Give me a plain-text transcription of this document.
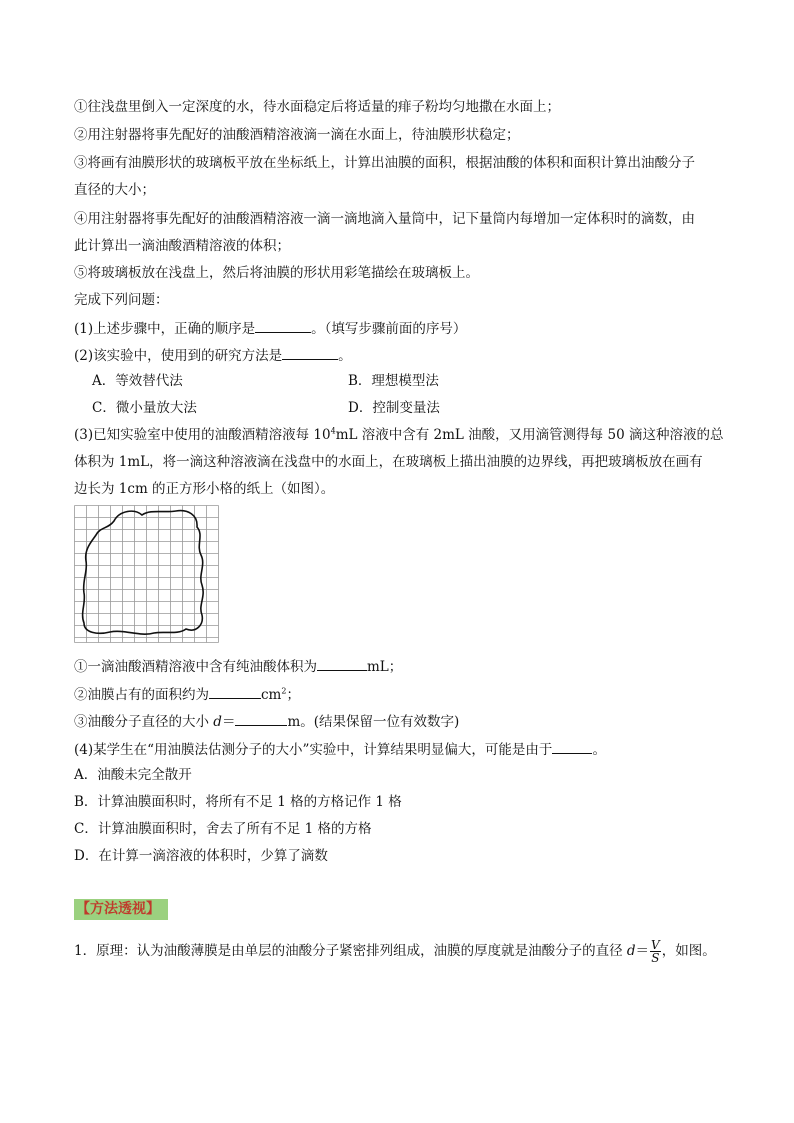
①往浅盘里倒入一定深度的水，待水面稳定后将适量的痱子粉均匀地撒在水面上；
②用注射器将事先配好的油酸酒精溶液滴一滴在水面上，待油膜形状稳定；
③将画有油膜形状的玻璃板平放在坐标纸上，计算出油膜的面积，根据油酸的体积和面积计算出油酸分子
直径的大小；
④用注射器将事先配好的油酸酒精溶液一滴一滴地滴入量筒中，记下量筒内每增加一定体积时的滴数，由
此计算出一滴油酸酒精溶液的体积；
⑤将玻璃板放在浅盘上，然后将油膜的形状用彩笔描绘在玻璃板上。
完成下列问题：
(1)上述步骤中，正确的顺序是	。（填写步骤前面的序号）
(2)该实验中，使用到的研究方法是	。
A．等效替代法	B．理想模型法
C．微小量放大法	D．控制变量法
(3)已知实验室中使用的油酸酒精溶液每 $10^4mL$ 溶液中含有 2mL 油酸，又用滴管测得每 50 滴这种溶液的总
体积为 1mL，将一滴这种溶液滴在浅盘中的水面上，在玻璃板上描出油膜的边界线，再把玻璃板放在画有
边长为 1cm 的正方形小格的纸上（如图）。
①一滴油酸酒精溶液中含有纯油酸体积为	mL；
②油膜占有的面积约为	$cm^2$；
③油酸分子直径的大小 d＝	m。(结果保留一位有效数字)
(4)某学生在“用油膜法估测分子的大小”实验中，计算结果明显偏大，可能是由于	。
A．油酸未完全散开
B．计算油膜面积时，将所有不足 1 格的方格记作 1 格
C．计算油膜面积时，舍去了所有不足 1 格的方格
D．在计算一滴溶液的体积时，少算了滴数
【方法透视】
1．原理：认为油酸薄膜是由单层的油酸分子紧密排列组成，油膜的厚度就是油酸分子的直径 $d= \frac{V}{S}$ ，如图。
